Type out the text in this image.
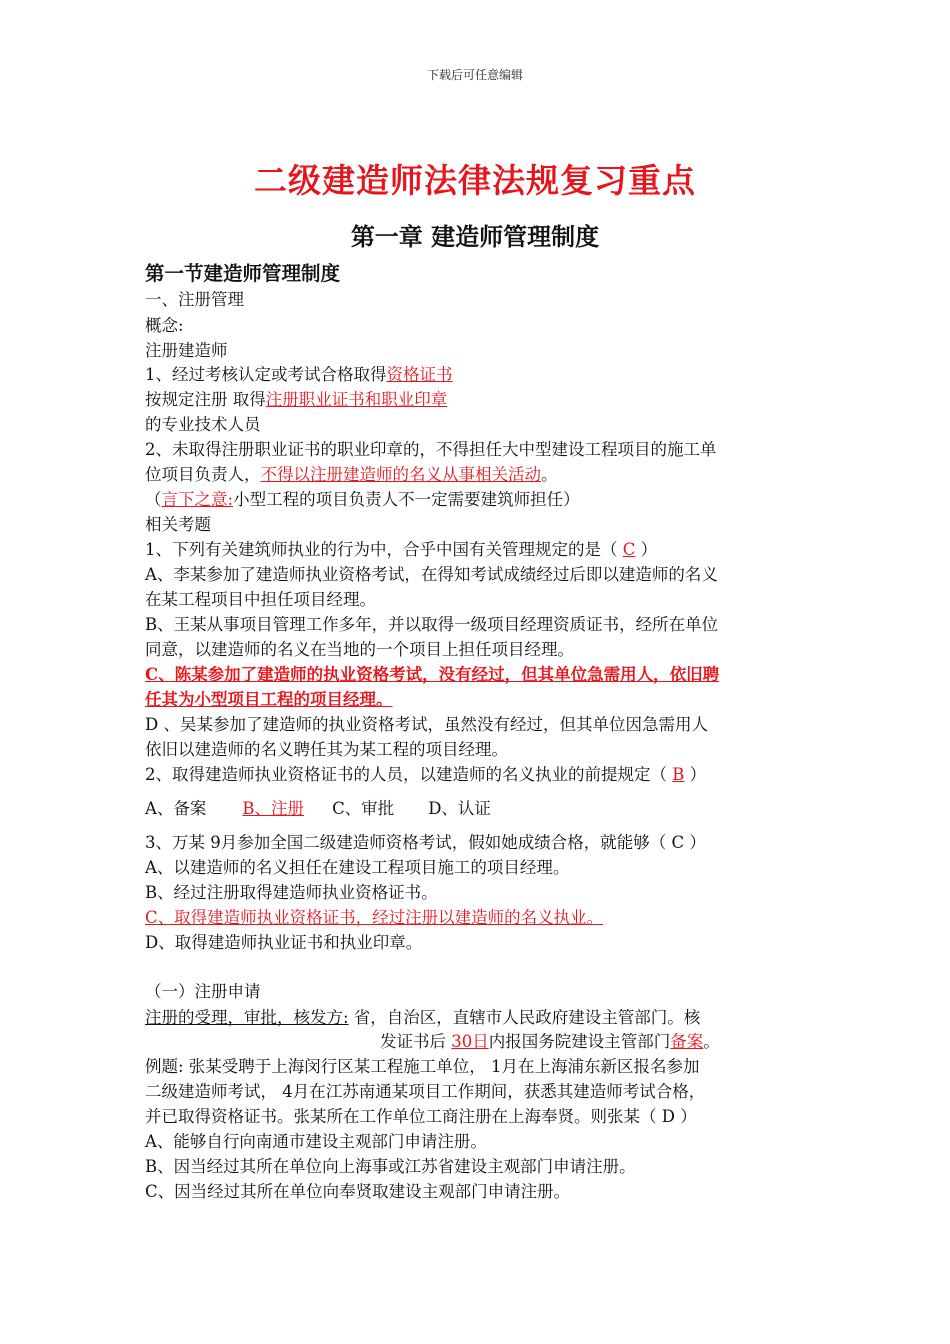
下载后可任意编辑
二级建造师法律法规复习重点
第一章 建造师管理制度
第一节建造师管理制度
一、注册管理
概念:
注册建造师
1、经过考核认定或考试合格取得资格证书
按规定注册 取得注册职业证书和职业印章
的专业技术人员
2、未取得注册职业证书的职业印章的，不得担任大中型建设工程项目的施工单
位项目负责人，不得以注册建造师的名义从事相关活动。
（言下之意:小型工程的项目负责人不一定需要建筑师担任）
相关考题
1、下列有关建筑师执业的行为中，合乎中国有关管理规定的是（ C ）
A、李某参加了建造师执业资格考试，在得知考试成绩经过后即以建造师的名义
在某工程项目中担任项目经理。
B、王某从事项目管理工作多年，并以取得一级项目经理资质证书，经所在单位
同意，以建造师的名义在当地的一个项目上担任项目经理。
C、陈某参加了建造师的执业资格考试，没有经过，但其单位急需用人，依旧聘
任其为小型项目工程的项目经理。
D 、吴某参加了建造师的执业资格考试，虽然没有经过，但其单位因急需用人
依旧以建造师的名义聘任其为某工程的项目经理。
2、取得建造师执业资格证书的人员，以建造师的名义执业的前提规定（ B ）
A、备案 B、注册 C、审批 D、认证
3、万某 9月参加全国二级建造师资格考试，假如她成绩合格，就能够（ C ）
A、以建造师的名义担任在建设工程项目施工的项目经理。
B、经过注册取得建造师执业资格证书。
C、取得建造师执业资格证书，经过注册以建造师的名义执业。
D、取得建造师执业证书和执业印章。
（一）注册申请
注册的受理，审批，核发方: 省，自治区，直辖市人民政府建设主管部门。核
发证书后 30日内报国务院建设主管部门备案。
例题: 张某受聘于上海闵行区某工程施工单位， 1月在上海浦东新区报名参加
二级建造师考试， 4月在江苏南通某项目工作期间，获悉其建造师考试合格，
并已取得资格证书。张某所在工作单位工商注册在上海奉贤。则张某（ D ）
A、能够自行向南通市建设主观部门申请注册。
B、因当经过其所在单位向上海事或江苏省建设主观部门申请注册。
C、因当经过其所在单位向奉贤取建设主观部门申请注册。
